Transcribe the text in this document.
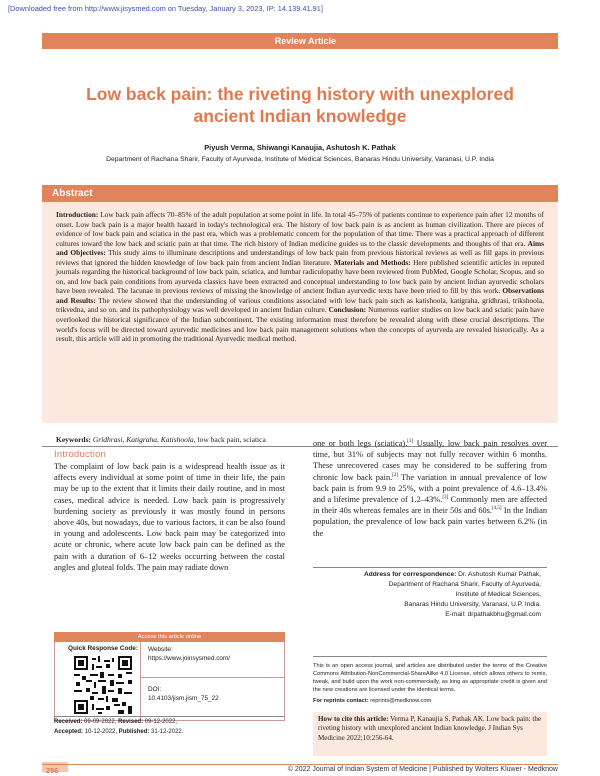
[Downloaded free from http://www.jisysmed.com on Tuesday, January 3, 2023, IP: 14.139.41.91]
Review Article
Low back pain: the riveting history with unexplored ancient Indian knowledge
Piyush Verma, Shiwangi Kanaujia, Ashutosh K. Pathak
Department of Rachana Sharir, Faculty of Ayurveda, Institute of Medical Sciences, Banaras Hindu University, Varanasi, U.P. India
Abstract
Introduction: Low back pain affects 70–85% of the adult population at some point in life. In total 45–75% of patients continue to experience pain after 12 months of onset. Low back pain is a major health hazard in today's technological era. The history of low back pain is as ancient as human civilization. There are pieces of evidence of low back pain and sciatica in the past era, which was a problematic concern for the population of that time. There was a practical approach of different cultures toward the low back and sciatic pain at that time. The rich history of Indian medicine guides us to the classic developments and thoughts of that era. Aims and Objectives: This study aims to illuminate descriptions and understandings of low back pain from previous historical reviews as well as fill gaps in previous reviews that ignored the hidden knowledge of low back pain from ancient Indian literature. Materials and Methods: Here published scientific articles in reputed journals regarding the historical background of low back pain, sciatica, and lumbar radiculopathy have been reviewed from PubMed, Google Scholar, Scopus, and so on, and low back pain conditions from ayurveda classics have been extracted and conceptual understanding to low back pain by ancient Indian ayurvedic scholars have been revealed. The lacunae in previous reviews of missing the knowledge of ancient Indian ayurvedic texts have been tried to fill by this work. Observations and Results: The review showed that the understanding of various conditions associated with low back pain such as katishoola, katigraha, gridhrasi, trikshoola, trikvedna, and so on. and its pathophysiology was well developed in ancient Indian culture. Conclusion: Numerous earlier studies on low back and sciatic pain have overlooked the historical significance of the Indian subcontinent. The existing information must therefore be revealed along with these crucial descriptions. The world's focus will be directed toward ayurvedic medicines and low back pain management solutions when the concepts of ayurveda are revealed historically. As a result, this article will aid in promoting the traditional Ayurvedic medical method.
Keywords: Gridhrasi, Katigraha, Katishoola, low back pain, sciatica
Introduction

The complaint of low back pain is a widespread health issue as it affects every individual at some point of time in their life, the pain may be up to the extent that it limits their daily routine, and in most cases, medical advice is needed. Low back pain is progressively burdening society as previously it was mostly found in persons above 40s, but nowadays, due to various factors, it can be also found in young and adolescents. Low back pain may be categorized into acute or chronic, where acute low back pain can be defined as the pain with a duration of 6–12 weeks occurring between the costal angles and gluteal folds. The pain may radiate down

one or both legs (sciatica).[1] Usually, low back pain resolves over time, but 31% of subjects may not fully recover within 6 months. These unrecovered cases may be considered to be suffering from chronic low back pain.[2] The variation in annual prevalence of low back pain is from 9.9 to 25%, with a point prevalence of 4.6–13.4% and a lifetime prevalence of 1.2–43%.[3] Commonly men are affected in their 40s whereas females are in their 50s and 60s.[4,5] In the Indian population, the prevalence of low back pain varies between 6.2% (in the

Address for correspondence: Dr. Ashutosh Kumar Pathak,
Department of Rachana Sharir, Faculty of Ayurveda,
Institute of Medical Sciences,
Banaras Hindu University, Varanasi, U.P. India.
E-mail: drpathakbhu@gmail.com
Access this article online
Quick Response Code: Website:
https://www.joinsysmed.com/
DOI:
10.4103/jism.jism_75_22
Received: 09-09-2022, Revised: 09-12-2022,
Accepted: 10-12-2022, Published: 31-12-2022.
This is an open access journal, and articles are distributed under the terms of the Creative Commons Attribution-NonCommercial-ShareAlike 4.0 License, which allows others to remix, tweak, and build upon the work non-commercially, as long as appropriate credit is given and the new creations are licensed under the identical terms.
For reprints contact: reprints@medknow.com
How to cite this article: Verma P, Kanaujia S, Pathak AK. Low back pain: the riveting history with unexplored ancient Indian knowledge. J Indian Sys Medicine 2022;10:256-64.
256	© 2022 Journal of Indian System of Medicine | Published by Wolters Kluwer - Medknow
